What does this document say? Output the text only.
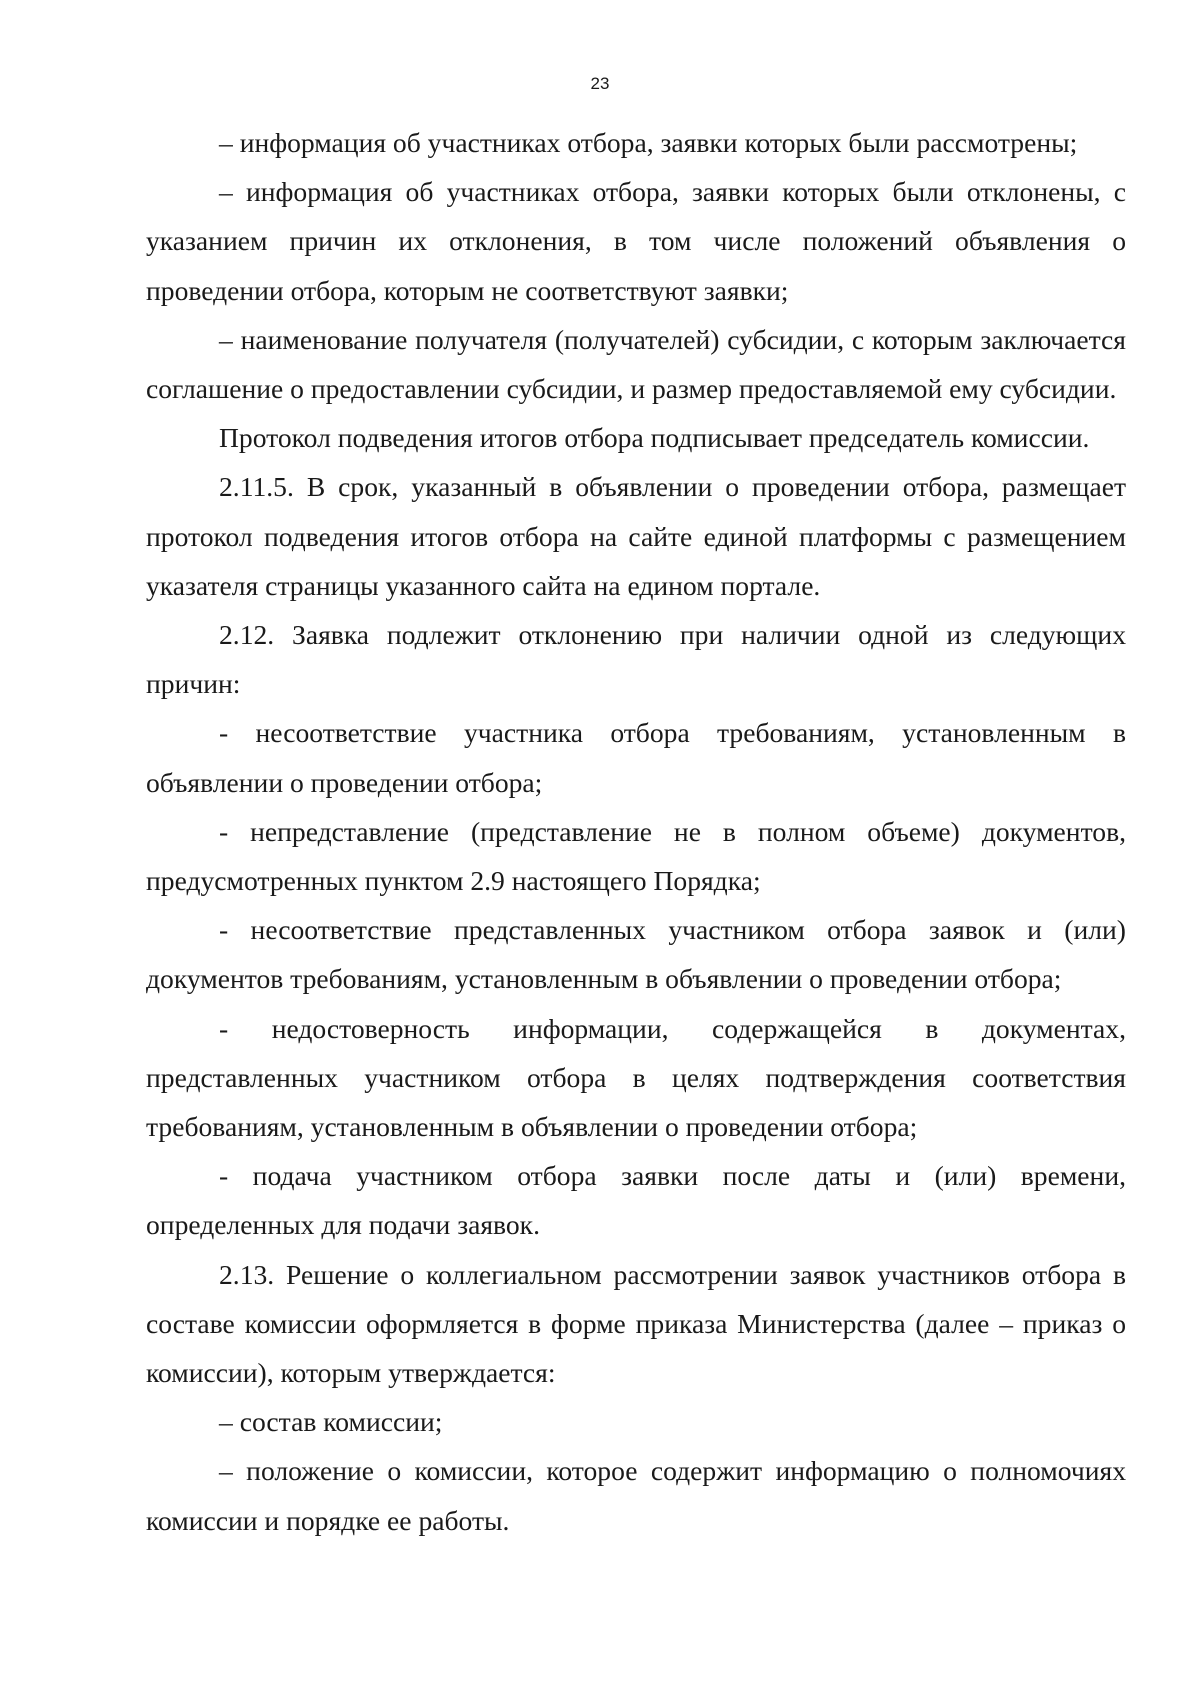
23

– информация об участниках отбора, заявки которых были рассмотрены;

– информация об участниках отбора, заявки которых были отклонены, с указанием причин их отклонения, в том числе положений объявления о проведении отбора, которым не соответствуют заявки;

– наименование получателя (получателей) субсидии, с которым заключается соглашение о предоставлении субсидии, и размер предоставляемой ему субсидии.

Протокол подведения итогов отбора подписывает председатель комиссии.

2.11.5. В срок, указанный в объявлении о проведении отбора, размещает протокол подведения итогов отбора на сайте единой платформы с размещением указателя страницы указанного сайта на едином портале.

2.12. Заявка подлежит отклонению при наличии одной из следующих причин:

- несоответствие участника отбора требованиям, установленным в объявлении о проведении отбора;

- непредставление (представление не в полном объеме) документов, предусмотренных пунктом 2.9 настоящего Порядка;

- несоответствие представленных участником отбора заявок и (или) документов требованиям, установленным в объявлении о проведении отбора;

- недостоверность информации, содержащейся в документах, представленных участником отбора в целях подтверждения соответствия требованиям, установленным в объявлении о проведении отбора;

- подача участником отбора заявки после даты и (или) времени, определенных для подачи заявок.

2.13. Решение о коллегиальном рассмотрении заявок участников отбора в составе комиссии оформляется в форме приказа Министерства (далее – приказ о комиссии), которым утверждается:

– состав комиссии;

– положение о комиссии, которое содержит информацию о полномочиях комиссии и порядке ее работы.
